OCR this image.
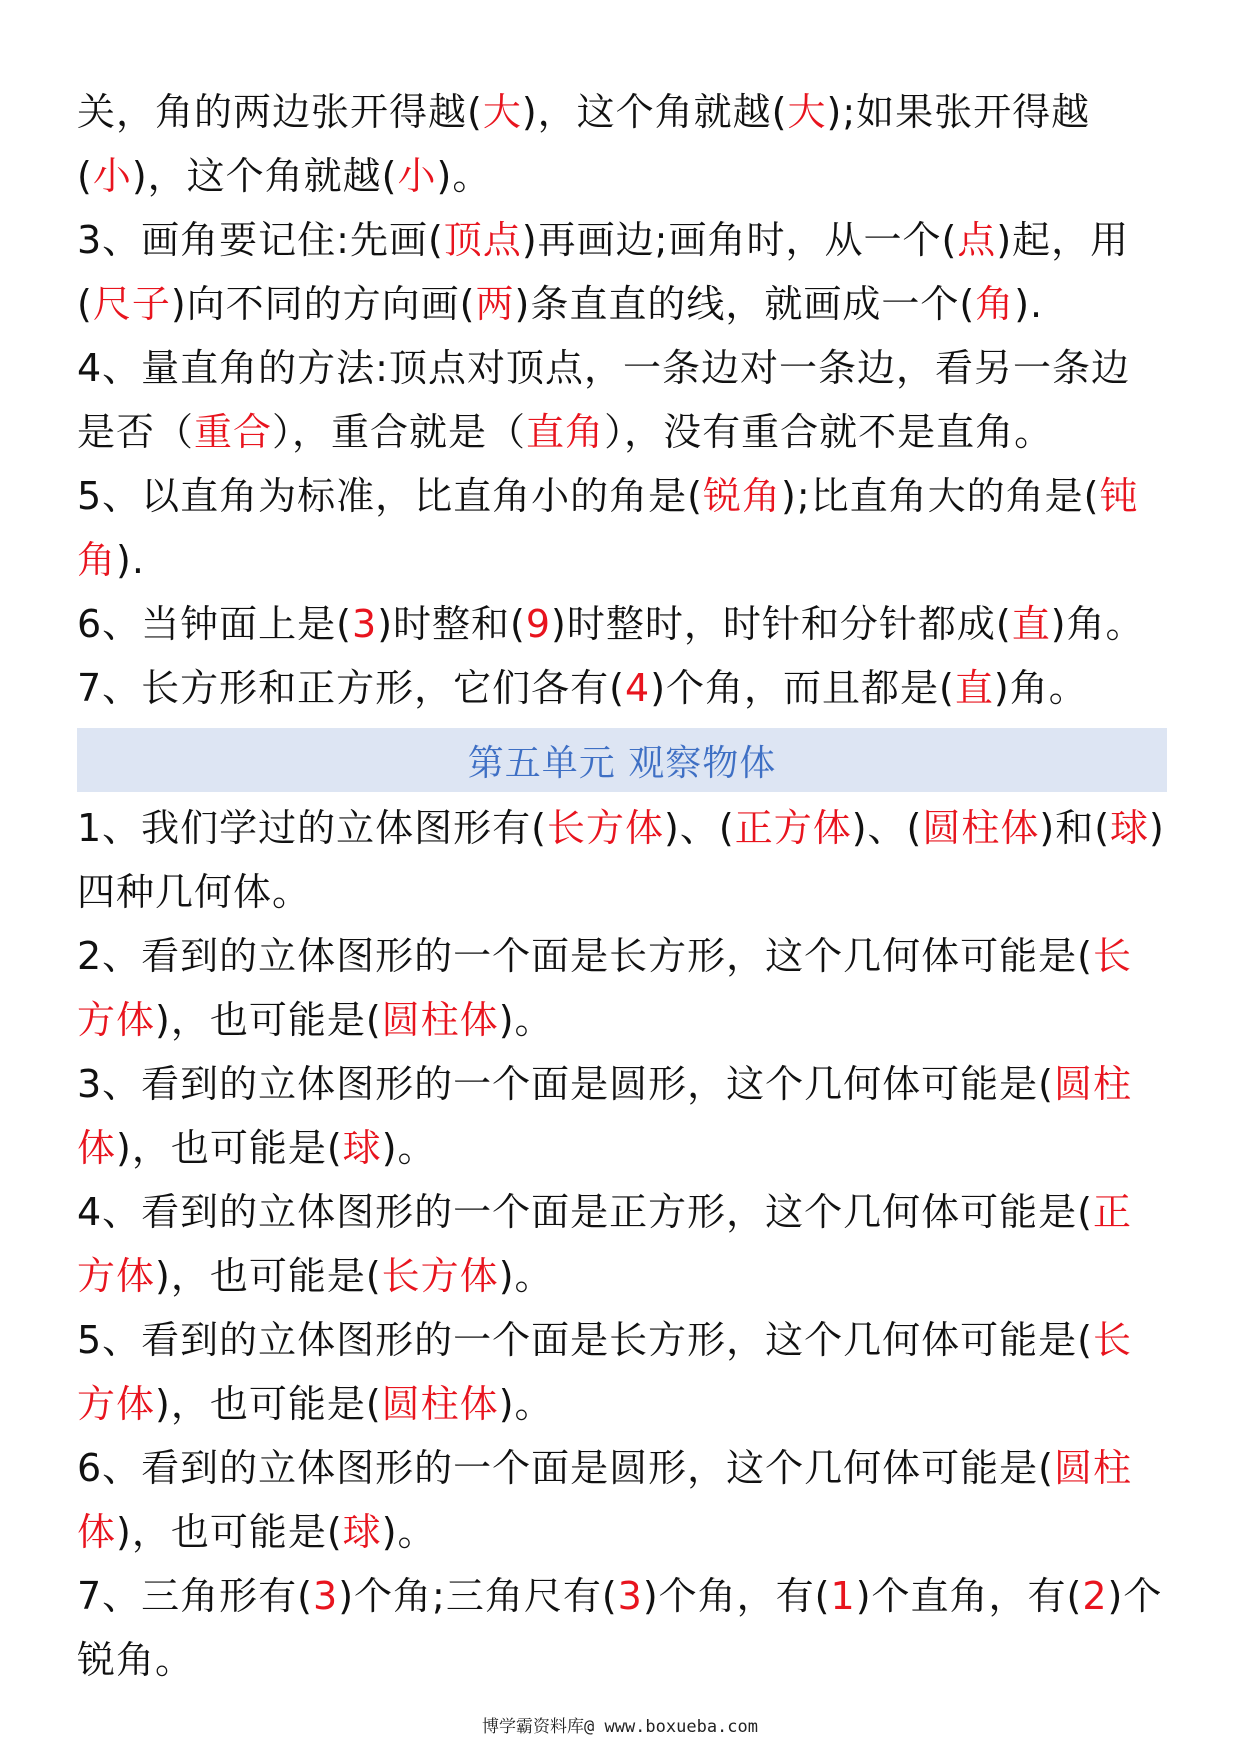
关，角的两边张开得越(大)，这个角就越(大);如果张开得越(小)，这个角就越(小)。

3、画角要记住:先画(顶点)再画边;画角时，从一个(点)起，用(尺子)向不同的方向画(两)条直直的线，就画成一个(角).

4、量直角的方法:顶点对顶点，一条边对一条边，看另一条边是否（重合），重合就是（直角），没有重合就不是直角。

5、以直角为标准，比直角小的角是(锐角);比直角大的角是(钝角).

6、当钟面上是(3)时整和(9)时整时，时针和分针都成(直)角。

7、长方形和正方形，它们各有(4)个角，而且都是(直)角。

第五单元 观察物体

1、我们学过的立体图形有(长方体)、(正方体)、(圆柱体)和(球)四种几何体。

2、看到的立体图形的一个面是长方形，这个几何体可能是(长方体)，也可能是(圆柱体)。

3、看到的立体图形的一个面是圆形，这个几何体可能是(圆柱体)，也可能是(球)。

4、看到的立体图形的一个面是正方形，这个几何体可能是(正方体)，也可能是(长方体)。

5、看到的立体图形的一个面是长方形，这个几何体可能是(长方体)，也可能是(圆柱体)。

6、看到的立体图形的一个面是圆形，这个几何体可能是(圆柱体)，也可能是(球)。

7、三角形有(3)个角;三角尺有(3)个角，有(1)个直角，有(2)个锐角。

博学霸资料库@ www.boxueba.com
